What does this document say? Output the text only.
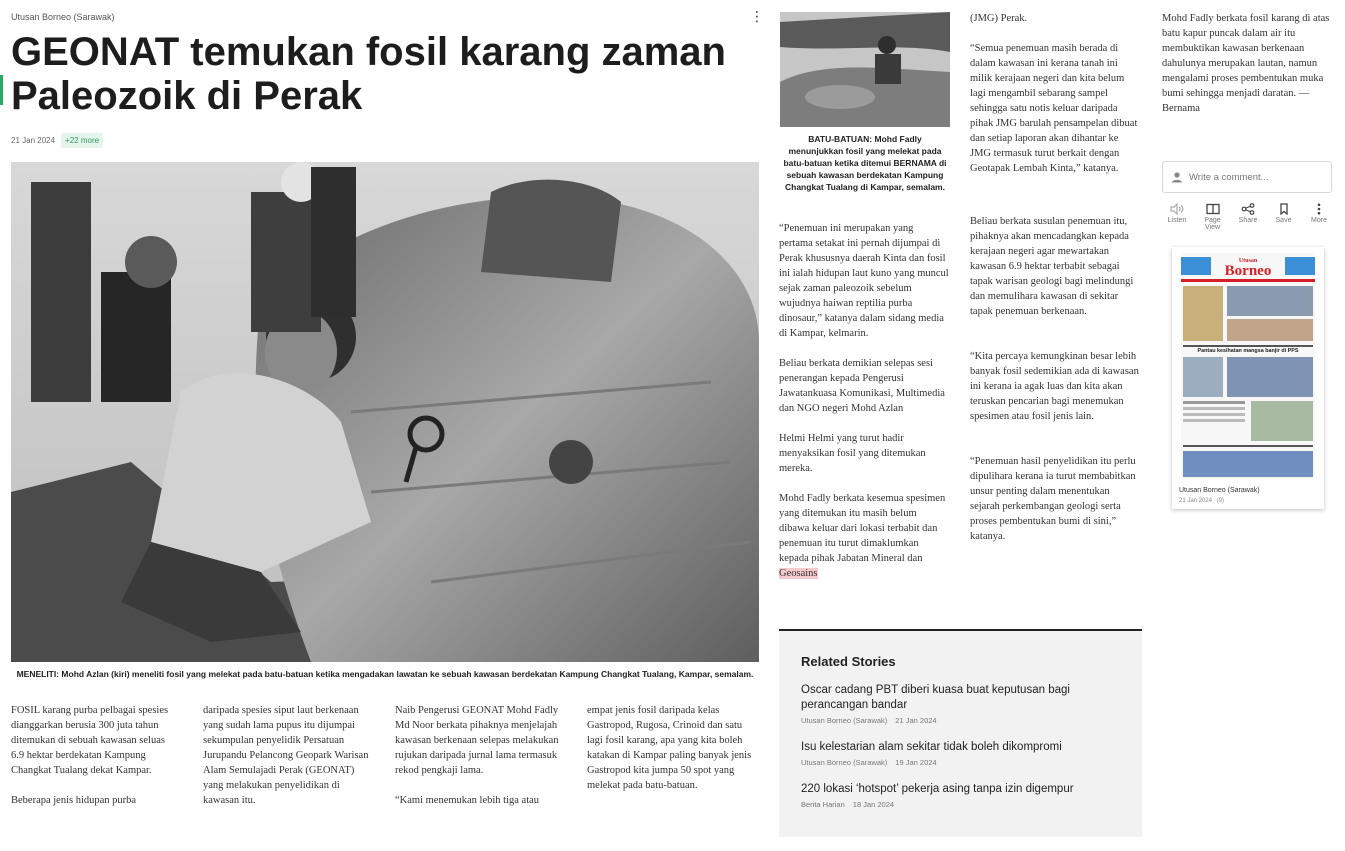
Utusan Borneo (Sarawak)	⋮
GEONAT temukan fosil karang zaman Paleozoik di Perak
21 Jan 2024	+22 more
MENELITI: Mohd Azlan (kiri) meneliti fosil yang melekat pada batu-batuan ketika mengadakan lawatan ke sebuah kawasan berdekatan Kampung Changkat Tualang, Kampar, semalam.

FOSIL karang purba pelbagai spesies dianggarkan berusia 300 juta tahun ditemukan di sebuah kawasan seluas 6.9 hektar berdekatan Kampung Changkat Tualang dekat Kampar.

Beberapa jenis hidupan purba

daripada spesies siput laut berkenaan yang sudah lama pupus itu dijumpai sekumpulan penyelidik Persatuan Jurupandu Pelancong Geopark Warisan Alam Semulajadi Perak (GEONAT) yang melakukan penyelidikan di kawasan itu.

Naib Pengerusi GEONAT Mohd Fadly Md Noor berkata pihaknya menjelajah kawasan berkenaan selepas melakukan rujukan daripada jurnal lama termasuk rekod pengkaji lama.

“Kami menemukan lebih tiga atau

empat jenis fosil daripada kelas Gastropod, Rugosa, Crinoid dan satu lagi fosil karang, apa yang kita boleh katakan di Kampar paling banyak jenis Gastropod kita jumpa 50 spot yang melekat pada batu-batuan.

BATU-BATUAN: Mohd Fadly menunjukkan fosil yang melekat pada batu-batuan ketika ditemui BERNAMA di sebuah kawasan berdekatan Kampung Changkat Tualang di Kampar, semalam.

“Penemuan ini merupakan yang pertama setakat ini pernah dijumpai di Perak khususnya daerah Kinta dan fosil ini ialah hidupan laut kuno yang muncul sejak zaman paleozoik sebelum wujudnya haiwan reptilia purba dinosaur,” katanya dalam sidang media di Kampar, kelmarin.

Beliau berkata demikian selepas sesi penerangan kepada Pengerusi Jawatankuasa Komunikasi, Multimedia dan NGO negeri Mohd Azlan

Helmi Helmi yang turut hadir menyaksikan fosil yang ditemukan mereka.

Mohd Fadly berkata kesemua spesimen yang ditemukan itu masih belum dibawa keluar dari lokasi terbabit dan penemuan itu turut dimaklumkan kepada pihak Jabatan Mineral dan Geosains

(JMG) Perak.

“Semua penemuan masih berada di dalam kawasan ini kerana tanah ini milik kerajaan negeri dan kita belum lagi mengambil sebarang sampel sehingga satu notis keluar daripada pihak JMG barulah pensampelan dibuat dan setiap laporan akan dihantar ke JMG termasuk turut berkait dengan Geotapak Lembah Kinta,” katanya.

Beliau berkata susulan penemuan itu, pihaknya akan mencadangkan kepada kerajaan negeri agar mewartakan kawasan 6.9 hektar terbabit sebagai tapak warisan geologi bagi melindungi dan memulihara kawasan di sekitar tapak penemuan berkenaan.

“Kita percaya kemungkinan besar lebih banyak fosil sedemikian ada di kawasan ini kerana ia agak luas dan kita akan teruskan pencarian bagi menemukan spesimen atau fosil jenis lain.

“Penemuan hasil penyelidikan itu perlu dipulihara kerana ia turut membabitkan unsur penting dalam menentukan sejarah perkembangan geologi serta proses pembentukan bumi di sini,” katanya.

Mohd Fadly berkata fosil karang di atas batu kapur puncak dalam air itu membuktikan kawasan berkenaan dahulunya merupakan lautan, namun mengalami proses pembentukan muka bumi sehingga menjadi daratan. — Bernama

Related Stories
Oscar cadang PBT diberi kuasa buat keputusan bagi perancangan bandar
Utusan Borneo (Sarawak) 21 Jan 2024
Isu kelestarian alam sekitar tidak boleh dikompromi
Utusan Borneo (Sarawak) 19 Jan 2024
220 lokasi ‘hotspot’ pekerja asing tanpa izin digempur
Berita Harian 18 Jan 2024
Write a comment...
Listen	Page View
Share	Save	More
Utusan
Borneo
Pantau kesihatan mangsa banjir di PPS
Utusan Borneo (Sarawak)
21 Jan 2024 (9)
